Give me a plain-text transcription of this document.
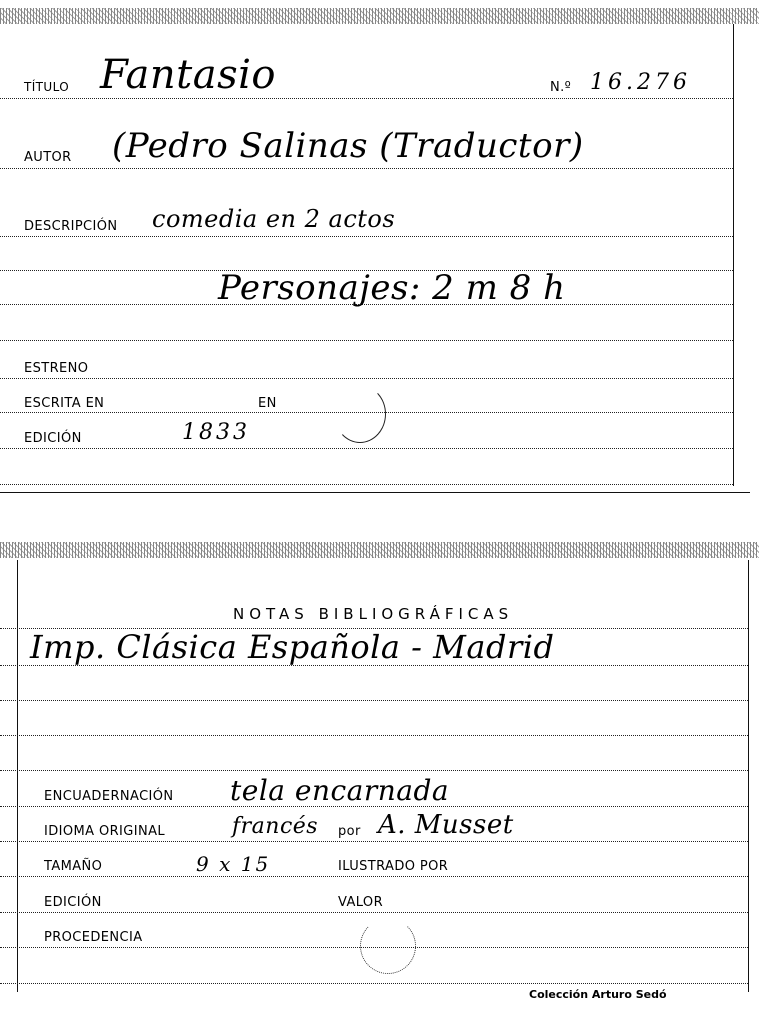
TÍTULO Fantasio	N.º 16.276
AUTOR (Pedro Salinas (Traductor)
DESCRIPCIÓN comedia en 2 actos
Personajes: 2 m 8 h
ESTRENO
ESCRITA EN	EN
EDICIÓN	1833
NOTAS BIBLIOGRÁFICAS
Imp. Clásica Española - Madrid
ENCUADERNACIÓN tela encarnada
IDIOMA ORIGINAL	francés por A. Musset
TAMAÑO	9 x 15	ILUSTRADO POR
EDICIÓN	VALOR
PROCEDENCIA
Colección Arturo Sedó
